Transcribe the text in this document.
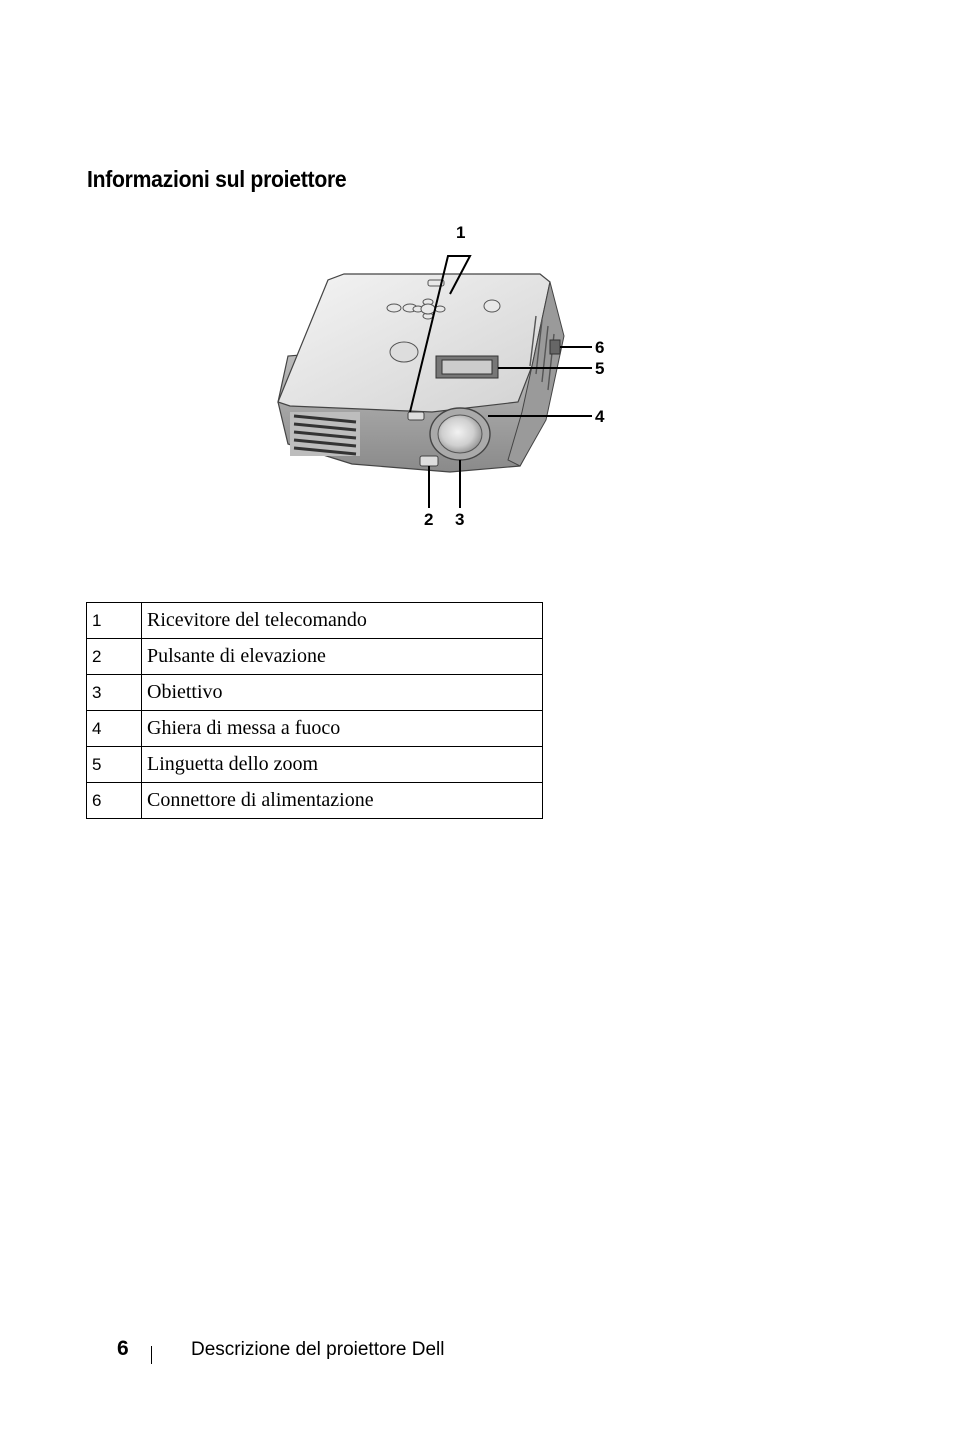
Informazioni sul proiettore
1
2 3
4
5
6
1	Ricevitore del telecomando
2	Pulsante di elevazione
3	Obiettivo
4	Ghiera di messa a fuoco
5	Linguetta dello zoom
6	Connettore di alimentazione
6	Descrizione del proiettore Dell
